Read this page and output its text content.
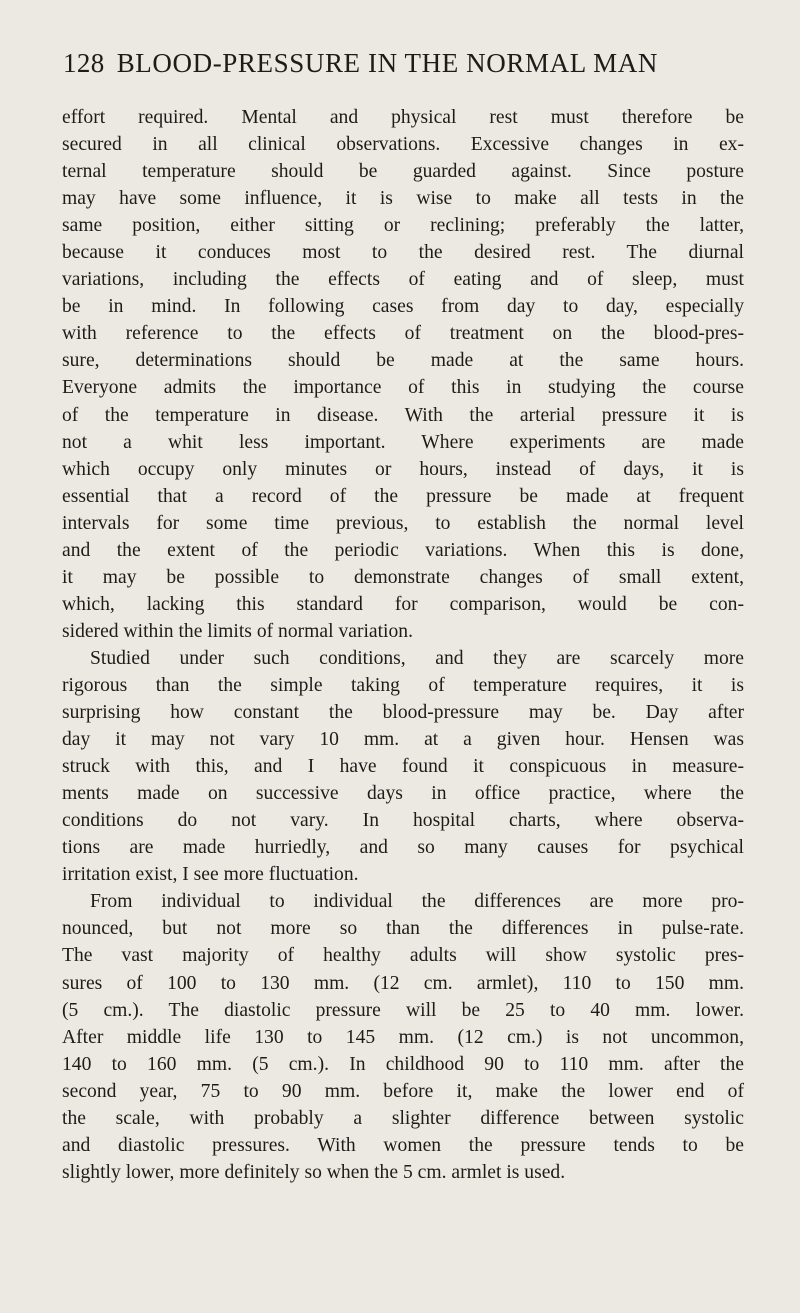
128 BLOOD-PRESSURE IN THE NORMAL MAN
effort required. Mental and physical rest must therefore be
secured in all clinical observations. Excessive changes in ex-
ternal temperature should be guarded against. Since posture
may have some influence, it is wise to make all tests in the
same position, either sitting or reclining; preferably the latter,
because it conduces most to the desired rest. The diurnal
variations, including the effects of eating and of sleep, must
be in mind. In following cases from day to day, especially
with reference to the effects of treatment on the blood-pres-
sure, determinations should be made at the same hours.
Everyone admits the importance of this in studying the course
of the temperature in disease. With the arterial pressure it is
not a whit less important. Where experiments are made
which occupy only minutes or hours, instead of days, it is
essential that a record of the pressure be made at frequent
intervals for some time previous, to establish the normal level
and the extent of the periodic variations. When this is done,
it may be possible to demonstrate changes of small extent,
which, lacking this standard for comparison, would be con-
sidered within the limits of normal variation.
Studied under such conditions, and they are scarcely more
rigorous than the simple taking of temperature requires, it is
surprising how constant the blood-pressure may be. Day after
day it may not vary 10 mm. at a given hour. Hensen was
struck with this, and I have found it conspicuous in measure-
ments made on successive days in office practice, where the
conditions do not vary. In hospital charts, where observa-
tions are made hurriedly, and so many causes for psychical
irritation exist, I see more fluctuation.
From individual to individual the differences are more pro-
nounced, but not more so than the differences in pulse-rate.
The vast majority of healthy adults will show systolic pres-
sures of 100 to 130 mm. (12 cm. armlet), 110 to 150 mm.
(5 cm.). The diastolic pressure will be 25 to 40 mm. lower.
After middle life 130 to 145 mm. (12 cm.) is not uncommon,
140 to 160 mm. (5 cm.). In childhood 90 to 110 mm. after the
second year, 75 to 90 mm. before it, make the lower end of
the scale, with probably a slighter difference between systolic
and diastolic pressures. With women the pressure tends to be
slightly lower, more definitely so when the 5 cm. armlet is used.
